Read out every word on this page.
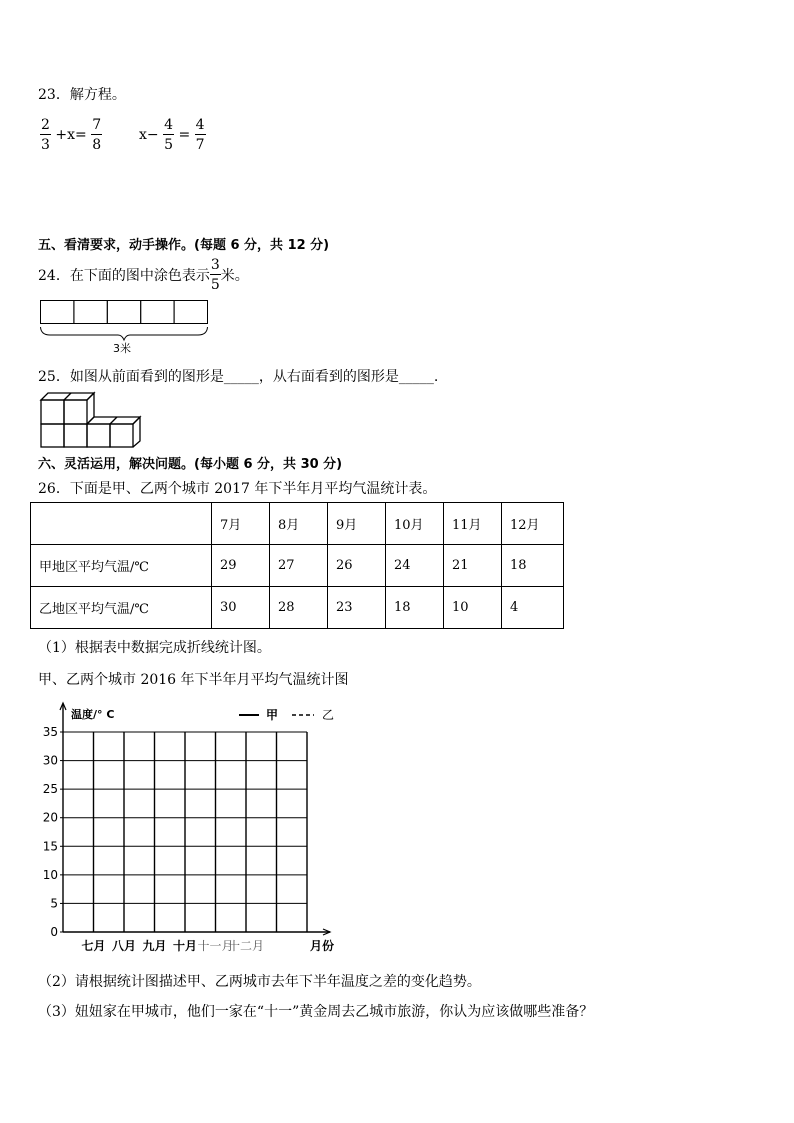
23．解方程。
$\frac{2}{3} +x= \frac{7}{8}$	$x- \frac{4}{5} = \frac{4}{7}$
五、看清要求，动手操作。(每题 6 分，共 12 分)
24．在下面的图中涂色表示 $\frac{3}{5}$ 米。
3米
25．如图从前面看到的图形是_____，从右面看到的图形是_____.
六、灵活运用，解决问题。(每小题 6 分，共 30 分)
26．下面是甲、乙两个城市 2017 年下半年月平均气温统计表。
	7月	8月	9月	10月	11月	12月
甲地区平均气温/℃	29	27	26	24	21	18
乙地区平均气温/℃	30	28	23	18	10	4
（1）根据表中数据完成折线统计图。
甲、乙两个城市 2016 年下半年月平均气温统计图
0
5
10
15
20
25
30
35
温度/° C
月份
七月 八月 九月 十月 十一月
十二月
甲	乙
（2）请根据统计图描述甲、乙两城市去年下半年温度之差的变化趋势。
（3）妞妞家在甲城市，他们一家在“十一”黄金周去乙城市旅游，你认为应该做哪些准备？
